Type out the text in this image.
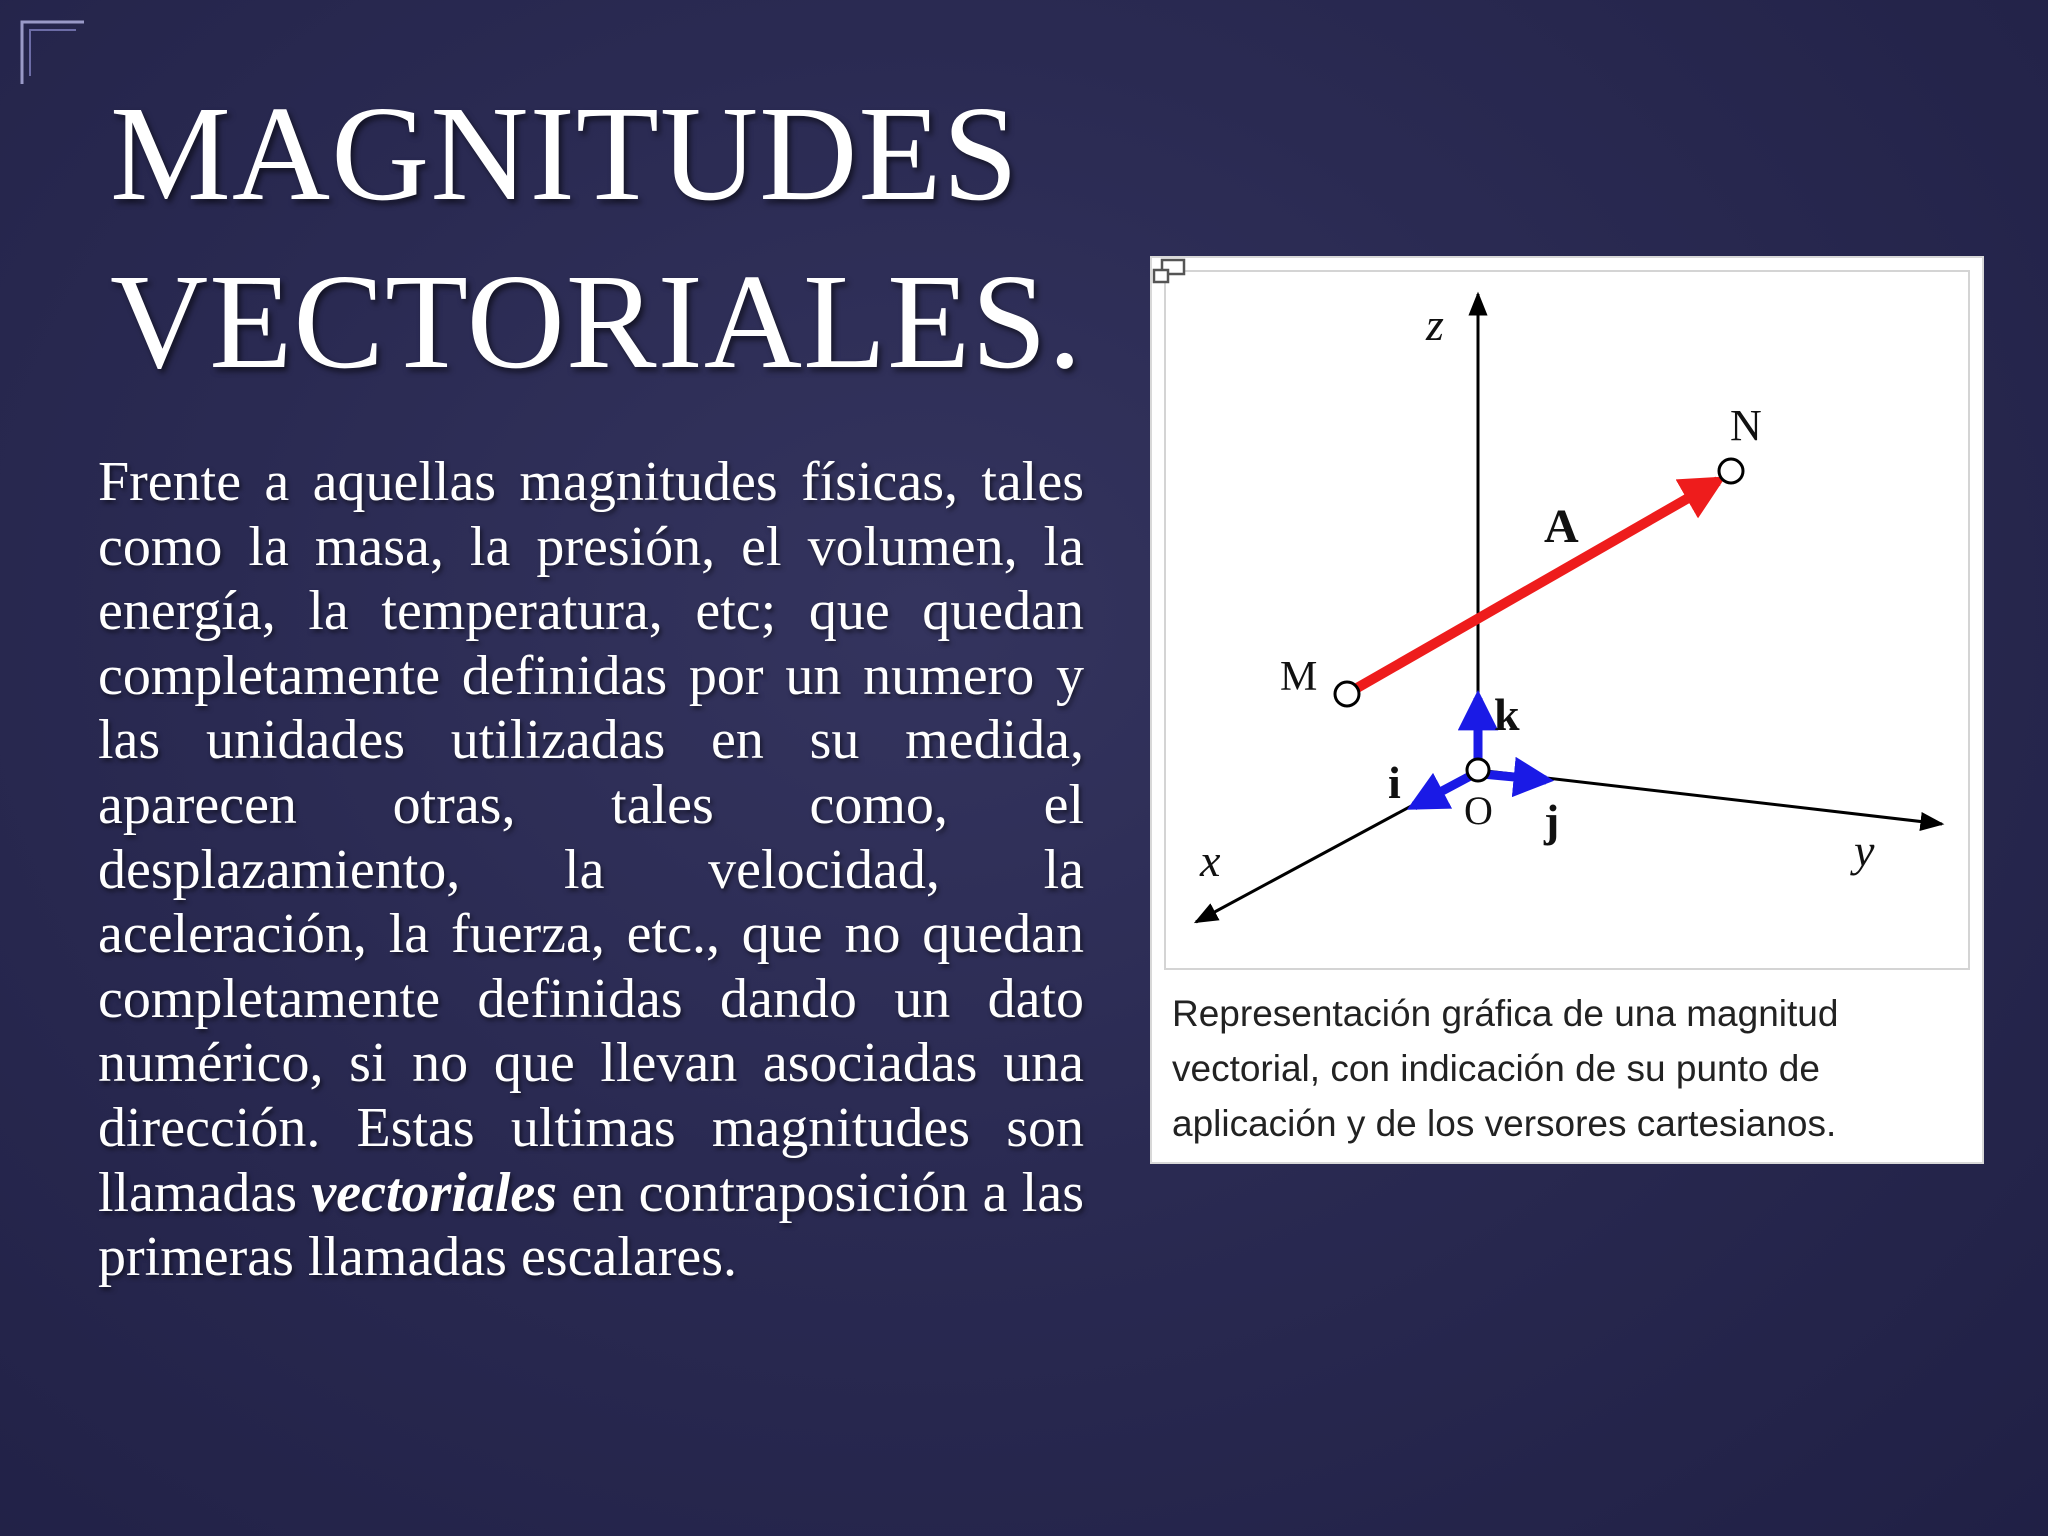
MAGNITUDES
VECTORIALES.

Frente a aquellas magnitudes físicas, tales como la masa, la presión, el volumen, la energía, la temperatura, etc; que quedan completamente definidas por un numero y las unidades utilizadas en su medida, aparecen otras, tales como, el desplazamiento, la velocidad, la aceleración, la fuerza, etc., que no quedan completamente definidas dando un dato numérico, si no que llevan asociadas una dirección. Estas ultimas magnitudes son llamadas vectoriales en contraposición a las primeras llamadas escalares.

z
N
A
M
k
i
O j
x	y

Representación gráfica de una magnitud vectorial, con indicación de su punto de aplicación y de los versores cartesianos.
